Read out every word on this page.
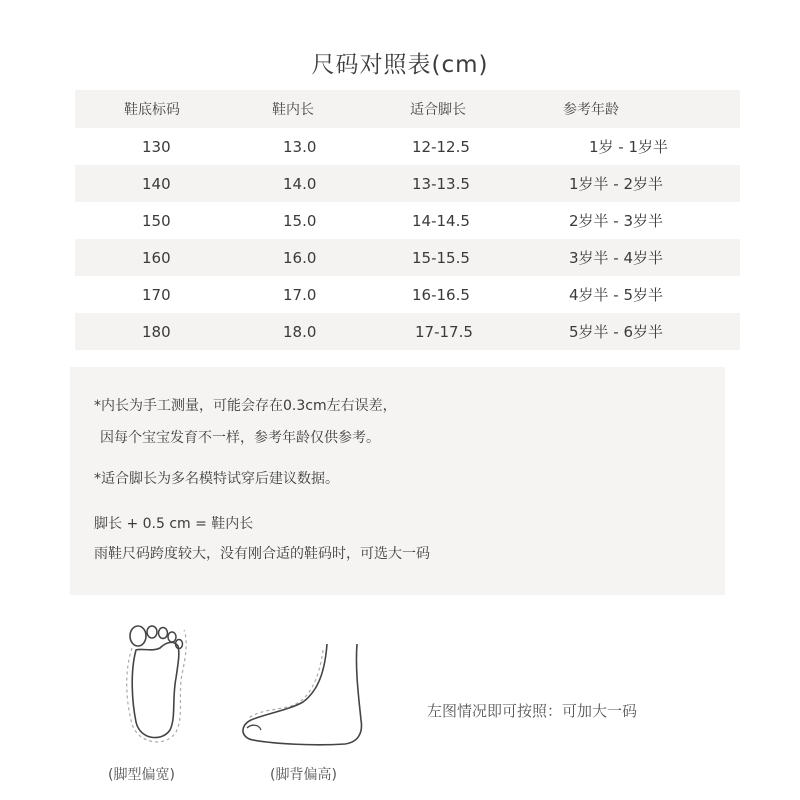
尺码对照表(cm)
鞋底标码	鞋内长	适合脚长	参考年龄
130	13.0	12-12.5	1岁 - 1岁半
140	14.0	13-13.5	1岁半 - 2岁半
150	15.0	14-14.5	2岁半 - 3岁半
160	16.0	15-15.5	3岁半 - 4岁半
170	17.0	16-16.5	4岁半 - 5岁半
180	18.0	17-17.5	5岁半 - 6岁半
*内长为手工测量，可能会存在0.3cm左右误差，
因每个宝宝发育不一样，参考年龄仅供参考。
*适合脚长为多名模特试穿后建议数据。
脚长 + 0.5 cm = 鞋内长
雨鞋尺码跨度较大，没有刚合适的鞋码时，可选大一码
(脚型偏宽)	(脚背偏高)
左图情况即可按照：可加大一码
